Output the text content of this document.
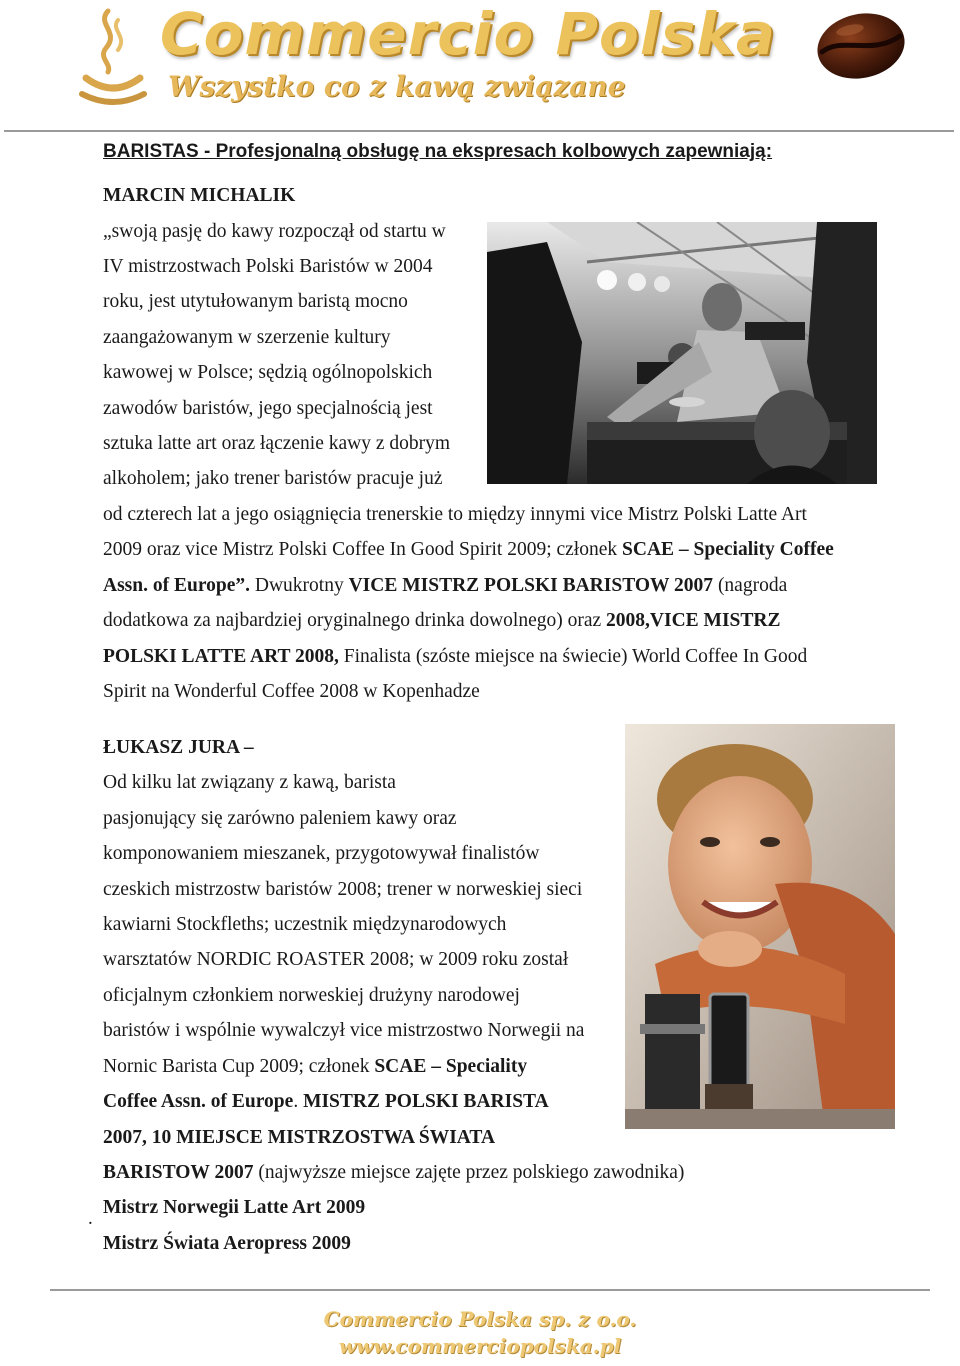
Commercio Polska
Wszystko co z kawą związane
BARISTAS - Profesjonalną obsługę na ekspresach kolbowych zapewniają:
MARCIN MICHALIK
„swoją pasję do kawy rozpoczął od startu w
IV mistrzostwach Polski Baristów w 2004
roku, jest utytułowanym baristą mocno
zaangażowanym w szerzenie kultury
kawowej w Polsce; sędzią ogólnopolskich
zawodów baristów, jego specjalnością jest
sztuka latte art oraz łączenie kawy z dobrym
alkoholem; jako trener baristów pracuje już
od czterech lat a jego osiągnięcia trenerskie to między innymi vice Mistrz Polski Latte Art
2009 oraz vice Mistrz Polski Coffee In Good Spirit 2009; członek SCAE – Speciality Coffee
Assn. of Europe”. Dwukrotny VICE MISTRZ POLSKI BARISTOW 2007 (nagroda
dodatkowa za najbardziej oryginalnego drinka dowolnego) oraz 2008,VICE MISTRZ
POLSKI LATTE ART 2008, Finalista (szóste miejsce na świecie) World Coffee In Good
Spirit na Wonderful Coffee 2008 w Kopenhadze
ŁUKASZ JURA –
Od kilku lat związany z kawą, barista
pasjonujący się zarówno paleniem kawy oraz
komponowaniem mieszanek, przygotowywał finalistów
czeskich mistrzostw baristów 2008; trener w norweskiej sieci
kawiarni Stockfleths; uczestnik międzynarodowych
warsztatów NORDIC ROASTER 2008; w 2009 roku został
oficjalnym członkiem norweskiej drużyny narodowej
baristów i wspólnie wywalczył vice mistrzostwo Norwegii na
Nornic Barista Cup 2009; członek SCAE – Speciality
Coffee Assn. of Europe. MISTRZ POLSKI BARISTA
2007, 10 MIEJSCE MISTRZOSTWA ŚWIATA
BARISTOW 2007 (najwyższe miejsce zajęte przez polskiego zawodnika)
.
Mistrz Norwegii Latte Art 2009
Mistrz Świata Aeropress 2009
Commercio Polska sp. z o.o.
www.commerciopolska.pl
